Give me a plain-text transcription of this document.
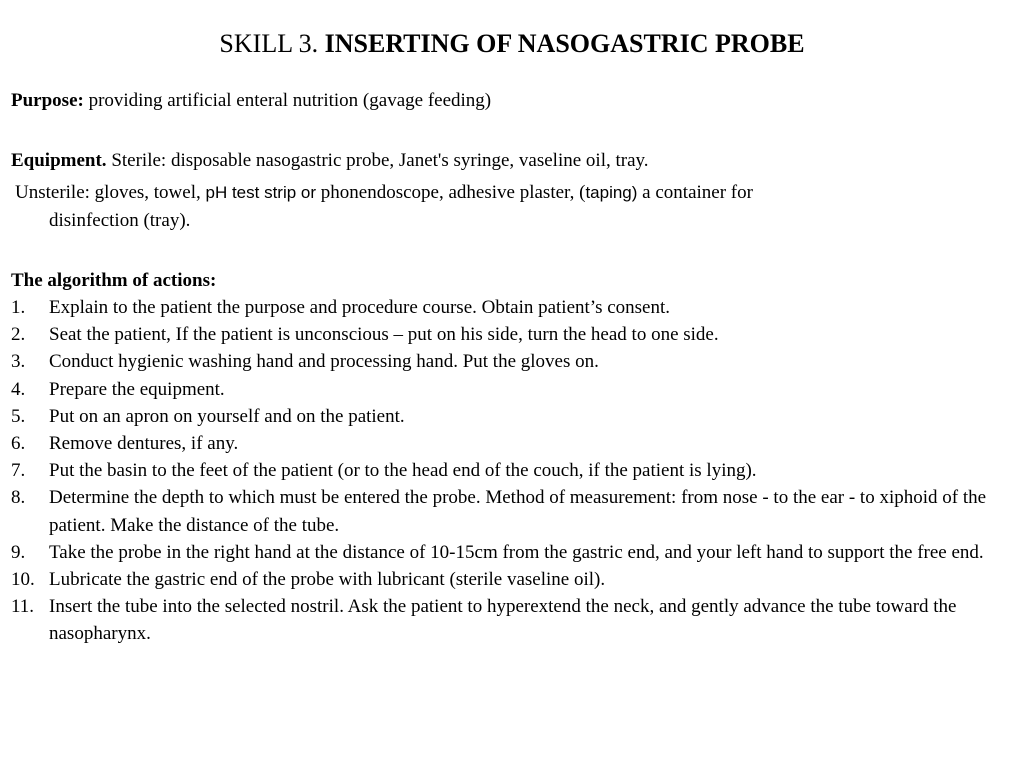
SKILL 3. INSERTING OF NASOGASTRIC PROBE
Purpose: providing artificial enteral nutrition (gavage feeding)
Equipment. Sterile: disposable nasogastric probe, Janet's syringe, vaseline oil, tray.
Unsterile: gloves, towel, pH test strip or phonendoscope, adhesive plaster, (taping) a container for
disinfection (tray).
The algorithm of actions:
1. Explain to the patient the purpose and procedure course. Obtain patient’s consent.
2. Seat the patient, If the patient is unconscious – put on his side, turn the head to one side.
3. Conduct hygienic washing hand and processing hand. Put the gloves on.
4. Prepare the equipment.
5. Put on an apron on yourself and on the patient.
6. Remove dentures, if any.
7. Put the basin to the feet of the patient (or to the head end of the couch, if the patient is lying).
8. Determine the depth to which must be entered the probe. Method of measurement: from nose - to the ear - to xiphoid of the patient. Make the distance of the tube.
9. Take the probe in the right hand at the distance of 10-15cm from the gastric end, and your left hand to support the free end.
10. Lubricate the gastric end of the probe with lubricant (sterile vaseline oil).
11. Insert the tube into the selected nostril. Ask the patient to hyperextend the neck, and gently advance the tube toward the nasopharynx.
